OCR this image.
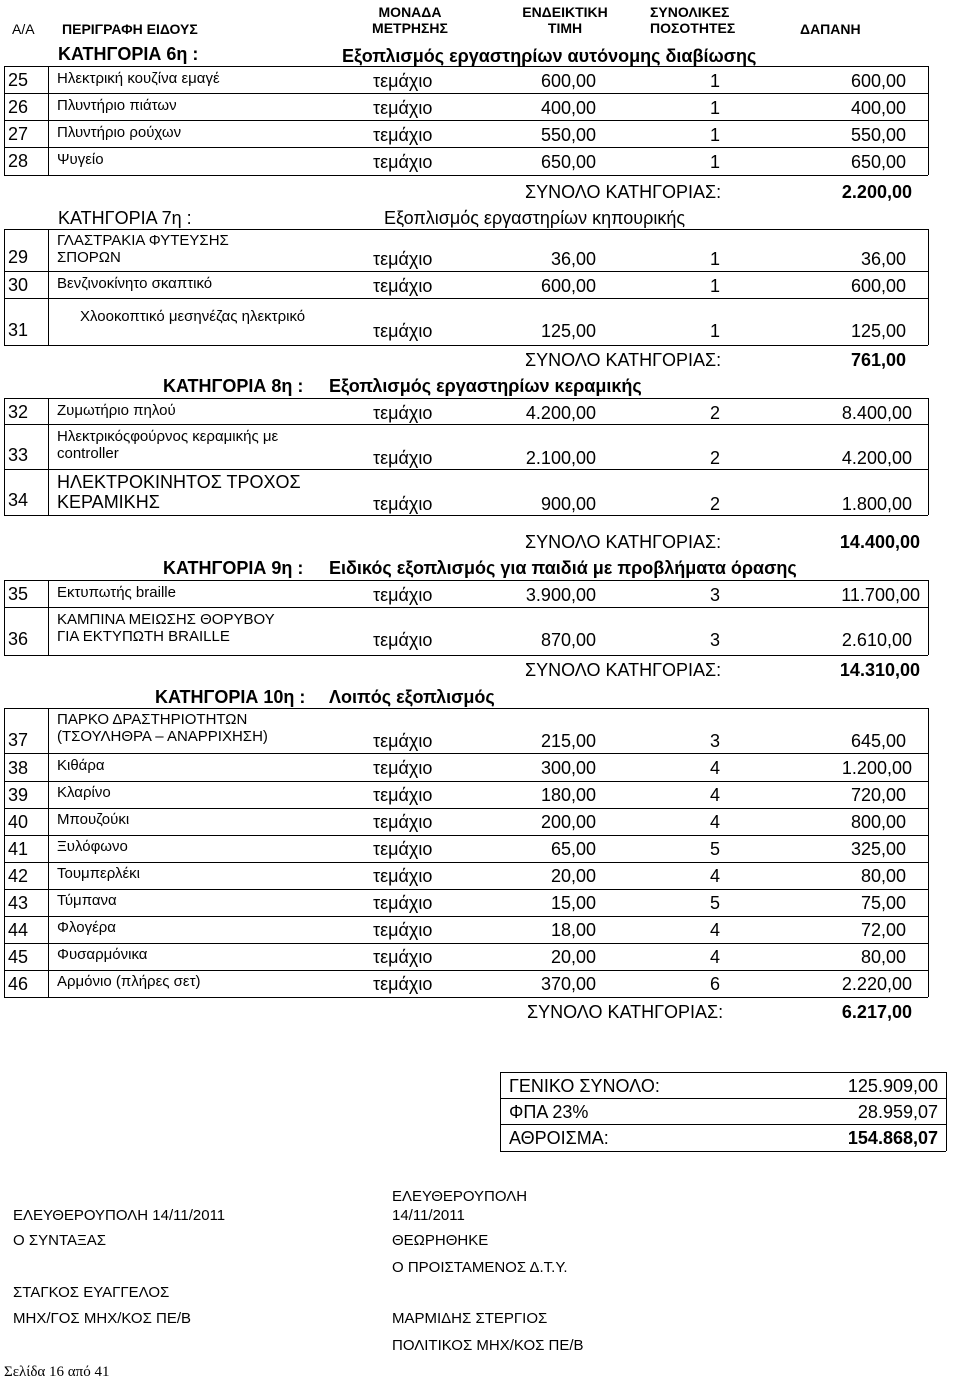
Α/Α ΠΕΡΙΓΡΑΦΗ ΕΙΔΟΥΣ
ΜΟΝΑΔΑ
ΜΕΤΡΗΣΗΣ
ΕΝΔΕΙΚΤΙΚΗ
ΤΙΜΗ
ΣΥΝΟΛΙΚΕΣ
ΠΟΣΟΤΗΤΕΣ	ΔΑΠΑΝΗ
ΚΑΤΗΓΟΡΙΑ 6η :	Εξοπλισμός εργαστηρίων αυτόνομης διαβίωσης
25	Ηλεκτρική κουζίνα εμαγέ	τεμάχιο	600,00	1	600,00
26 Πλυντήριο πιάτων	τεμάχιο	400,00	1	400,00
27 Πλυντήριο ρούχων	τεμάχιο	550,00	1	550,00
28 Ψυγείο	τεμάχιο	650,00	1	650,00
ΣΥΝΟΛΟ ΚΑΤΗΓΟΡΙΑΣ:	2.200,00
ΚΑΤΗΓΟΡΙΑ 7η :	Εξοπλισμός εργαστηρίων κηπουρικής
29
ΓΛΑΣΤΡΑΚΙΑ ΦΥΤΕΥΣΗΣ
ΣΠΟΡΩΝ	τεμάχιο	36,00	1	36,00
30 Βενζινοκίνητο σκαπτικό	τεμάχιο	600,00	1	600,00
31
Χλοοκοπτικό μεσηνέζας ηλεκτρικό
τεμάχιο	125,00	1	125,00
ΣΥΝΟΛΟ ΚΑΤΗΓΟΡΙΑΣ:	761,00
ΚΑΤΗΓΟΡΙΑ 8η : Εξοπλισμός εργαστηρίων κεραμικής
32 Ζυμωτήριο πηλού	τεμάχιο	4.200,00	2	8.400,00
33
Ηλεκτρικόςφούρνος κεραμικής με
controller	τεμάχιο	2.100,00	2	4.200,00
34
ΗΛΕΚΤΡΟΚΙΝΗΤΟΣ ΤΡΟΧΟΣ
ΚΕΡΑΜΙΚΗΣ	τεμάχιο	900,00	2	1.800,00
ΣΥΝΟΛΟ ΚΑΤΗΓΟΡΙΑΣ:	14.400,00
ΚΑΤΗΓΟΡΙΑ 9η : Ειδικός εξοπλισμός για παιδιά με προβλήματα όρασης
35 Εκτυπωτής braille	τεμάχιο	3.900,00	3	11.700,00
36
ΚΑΜΠΙΝΑ ΜΕΙΩΣΗΣ ΘΟΡΥΒΟΥ
ΓΙΑ ΕΚΤΥΠΩΤΗ BRAILLE	τεμάχιο	870,00	3	2.610,00
ΣΥΝΟΛΟ ΚΑΤΗΓΟΡΙΑΣ:	14.310,00
ΚΑΤΗΓΟΡΙΑ 10η : Λοιπός εξοπλισμός
37
ΠΑΡΚΟ ΔΡΑΣΤΗΡΙΟΤΗΤΩΝ
(ΤΣΟΥΛΗΘΡΑ – ΑΝΑΡΡΙΧΗΣΗ)	τεμάχιο	215,00	3	645,00
38 Κιθάρα	τεμάχιο	300,00	4	1.200,00
39 Κλαρίνο	τεμάχιο	180,00	4	720,00
40 Μπουζούκι	τεμάχιο	200,00	4	800,00
41 Ξυλόφωνο	τεμάχιο	65,00	5	325,00
42 Τουμπερλέκι	τεμάχιο	20,00	4	80,00
43 Τύμπανα	τεμάχιο	15,00	5	75,00
44 Φλογέρα	τεμάχιο	18,00	4	72,00
45 Φυσαρμόνικα	τεμάχιο	20,00	4	80,00
46 Αρμόνιο (πλήρες σετ)	τεμάχιο	370,00	6	2.220,00
ΣΥΝΟΛΟ ΚΑΤΗΓΟΡΙΑΣ:	6.217,00
ΓΕΝΙΚΟ ΣΥΝΟΛΟ:	125.909,00
ΦΠΑ 23%	28.959,07
ΑΘΡΟΙΣΜΑ:	154.868,07
ΕΛΕΥΘΕΡΟΥΠΟΛΗ 14/11/2011
Ο ΣΥΝΤΑΞΑΣ
ΣΤΑΓΚΟΣ ΕΥΑΓΓΕΛΟΣ
ΜΗΧ/ΓΟΣ ΜΗΧ/ΚΟΣ ΠΕ/Β
ΕΛΕΥΘΕΡΟΥΠΟΛΗ
14/11/2011
ΘΕΩΡΗΘΗΚΕ
Ο ΠΡΟΙΣΤΑΜΕΝΟΣ Δ.Τ.Υ.
ΜΑΡΜΙΔΗΣ ΣΤΕΡΓΙΟΣ
ΠΟΛΙΤΙΚΟΣ ΜΗΧ/ΚΟΣ ΠΕ/Β
Σελίδα 16 από 41
